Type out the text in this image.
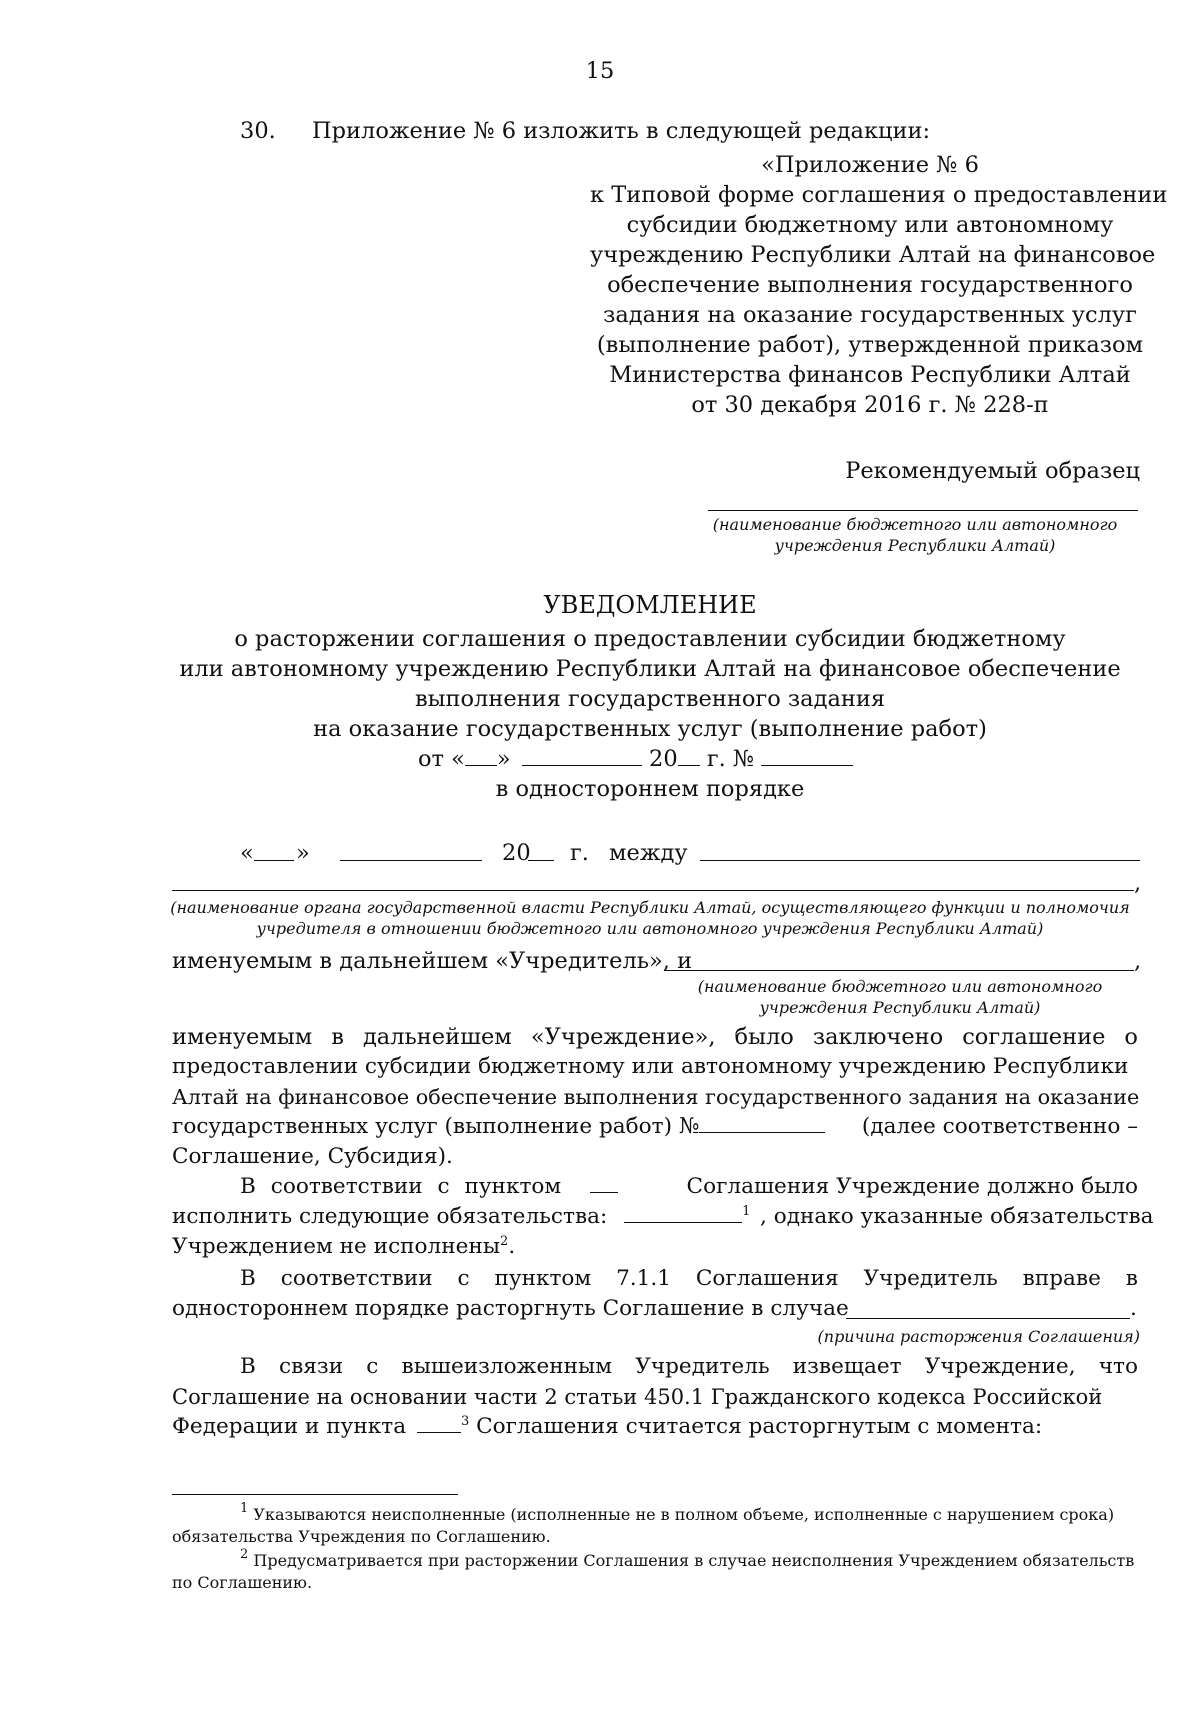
15
30. Приложение № 6 изложить в следующей редакции:
«Приложение № 6
к Типовой форме соглашения о предоставлении
субсидии бюджетному или автономному
учреждению Республики Алтай на финансовое
обеспечение выполнения государственного
задания на оказание государственных услуг
(выполнение работ), утвержденной приказом
Министерства финансов Республики Алтай
от 30 декабря 2016 г. № 228-п
Рекомендуемый образец
(наименование бюджетного или автономного
учреждения Республики Алтай)
УВЕДОМЛЕНИЕ
о расторжении соглашения о предоставлении субсидии бюджетному
или автономному учреждению Республики Алтай на финансовое обеспечение
выполнения государственного задания
на оказание государственных услуг (выполнение работ)
от « »	20 г. №
в одностороннем порядке
« »	20 г. между
,
(наименование органа государственной власти Республики Алтай, осуществляющего функции и полномочия
учредителя в отношении бюджетного или автономного учреждения Республики Алтай)
именуемым в дальнейшем «Учредитель», и	,
(наименование бюджетного или автономного
учреждения Республики Алтай)
именуемым в дальнейшем «Учреждение», было заключено соглашение о
предоставлении субсидии бюджетному или автономному учреждению Республики
Алтай на финансовое обеспечение выполнения государственного задания на оказание
государственных услуг (выполнение работ) №	(далее соответственно –
Соглашение, Субсидия).
В соответствии с пунктом	Соглашения Учреждение должно было
исполнить следующие обязательства:	$^1$ , однако указанные обязательства
Учреждением не исполнены$^2$.
В соответствии с пунктом 7.1.1 Соглашения Учредитель вправе в
одностороннем порядке расторгнуть Соглашение в случае	.
(причина расторжения Соглашения)
В связи с вышеизложенным Учредитель извещает Учреждение, что
Соглашение на основании части 2 статьи 450.1 Гражданского кодекса Российской
Федерации и пункта	$^3$ Соглашения считается расторгнутым с момента:
$^1$ Указываются неисполненные (исполненные не в полном объеме, исполненные с нарушением срока)
обязательства Учреждения по Соглашению.
$^2$ Предусматривается при расторжении Соглашения в случае неисполнения Учреждением обязательств
по Соглашению.
